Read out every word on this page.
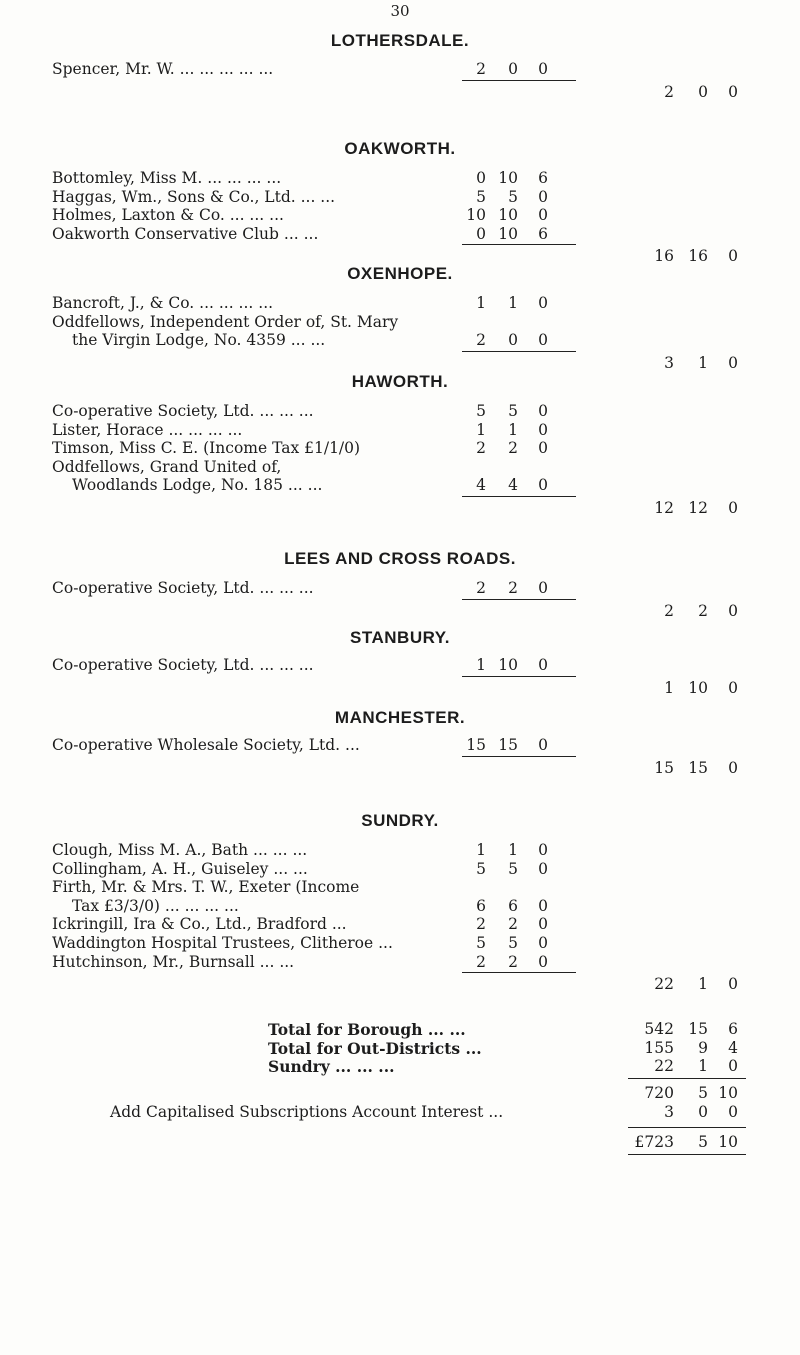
30
LOTHERSDALE.
Spencer, Mr. W. ... ... ... ... ...	2	0	0
2	0	0
OAKWORTH.
Bottomley, Miss M. ... ... ... ...	0 10	6
Haggas, Wm., Sons & Co., Ltd. ... ...	5	5	0
Holmes, Laxton & Co. ... ... ...	10 10	0
Oakworth Conservative Club ... ...	0 10	6
16 16	0
OXENHOPE.
Bancroft, J., & Co. ... ... ... ...	1	1	0
Oddfellows, Independent Order of, St. Mary
the Virgin Lodge, No. 4359 ... ...	2	0	0
3	1	0
HAWORTH.
Co-operative Society, Ltd. ... ... ...	5	5	0
Lister, Horace ... ... ... ...	1	1	0
Timson, Miss C. E. (Income Tax £1/1/0)	2	2	0
Oddfellows, Grand United of,
Woodlands Lodge, No. 185 ... ...	4	4	0
12 12	0
LEES AND CROSS ROADS.
Co-operative Society, Ltd. ... ... ...	2	2	0
2	2	0
STANBURY.
Co-operative Society, Ltd. ... ... ...	1 10	0
1 10	0
MANCHESTER.
Co-operative Wholesale Society, Ltd. ...	15 15	0
15 15	0
SUNDRY.
Clough, Miss M. A., Bath ... ... ...	1	1	0
Collingham, A. H., Guiseley ... ...	5	5	0
Firth, Mr. & Mrs. T. W., Exeter (Income
Tax £3/3/0) ... ... ... ...	6	6	0
Ickringill, Ira & Co., Ltd., Bradford ...	2	2	0
Waddington Hospital Trustees, Clitheroe ...	5	5	0
Hutchinson, Mr., Burnsall ... ...	2	2	0
22	1	0
Total for Borough ... ...	542 15	6
Total for Out-Districts ...	155	9	4
Sundry ... ... ...	22	1	0
720	5 10
Add Capitalised Subscriptions Account Interest ...	3	0	0
£723	5 10
